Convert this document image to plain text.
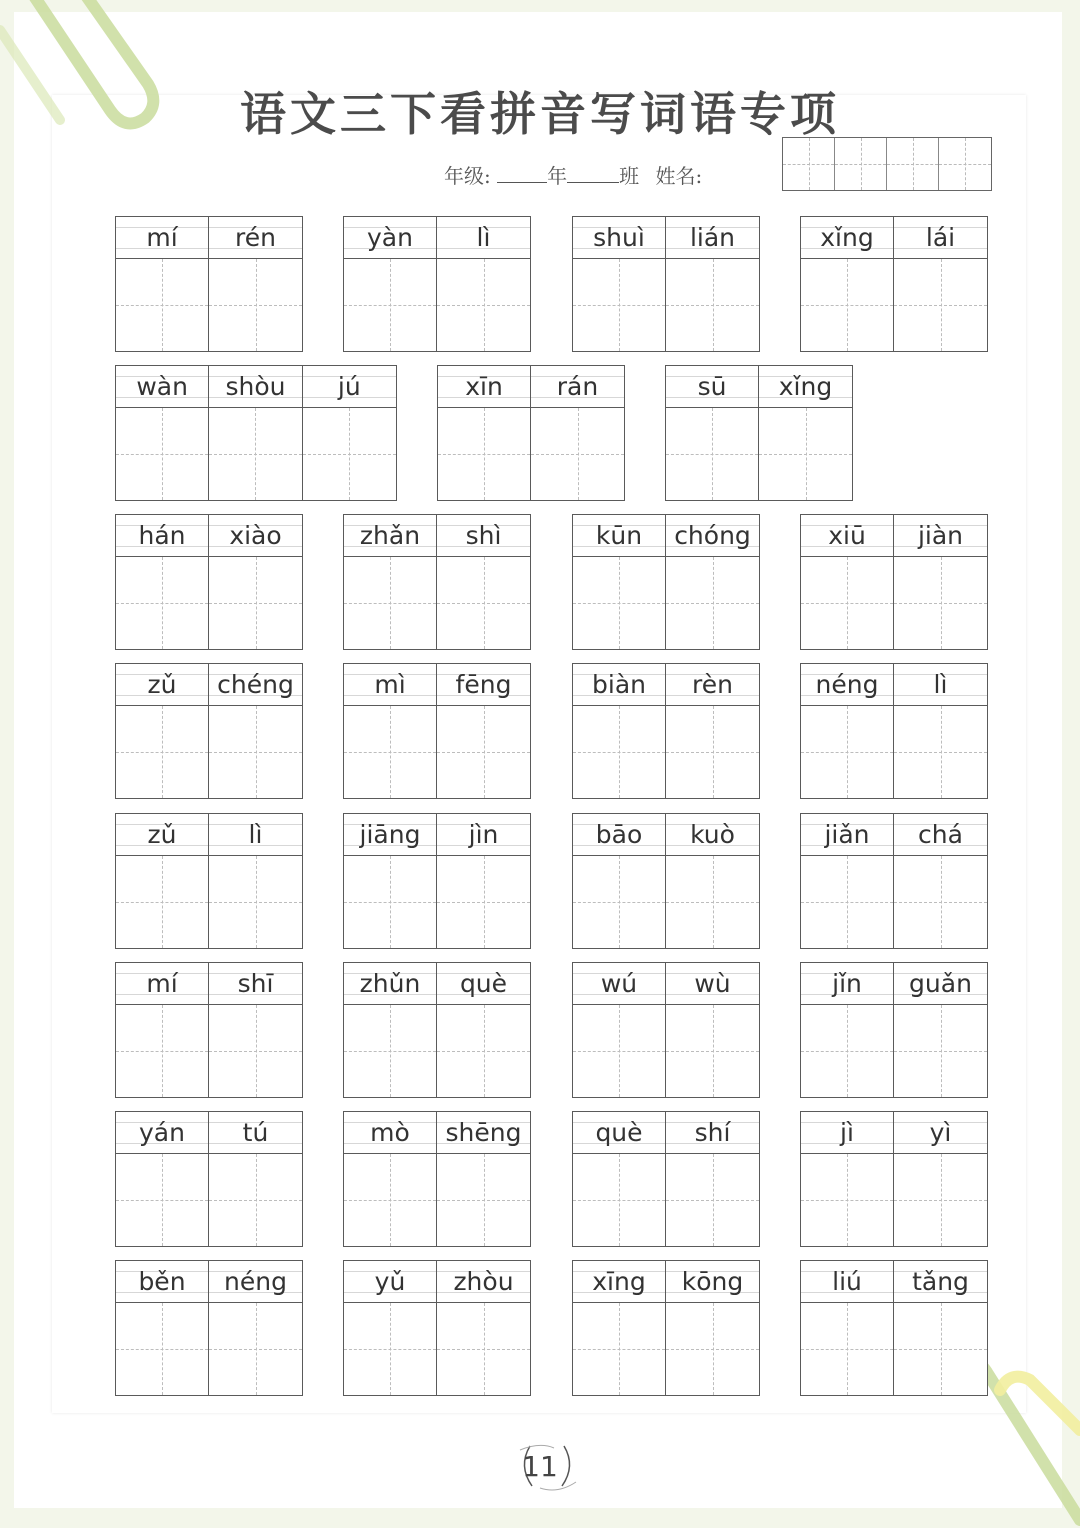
语文三下看拼音写词语专项
年级:	年	班 姓名:
mí	rén	yàn	lì	shuì	lián	xǐng	lái
wàn	shòu	jú	xīn	rán	sū	xǐng
hán	xiào	zhǎn	shì	kūn	chóng	xiū	jiàn
zǔ	chéng	mì	fēng	biàn	rèn	néng	lì
zǔ	lì	jiāng	jìn	bāo	kuò	jiǎn	chá
mí	shī	zhǔn	què	wú	wù	jǐn	guǎn
yán	tú	mò	shēng	què	shí	jì	yì
běn	néng	yǔ	zhòu	xīng	kōng	liú	tǎng
11
